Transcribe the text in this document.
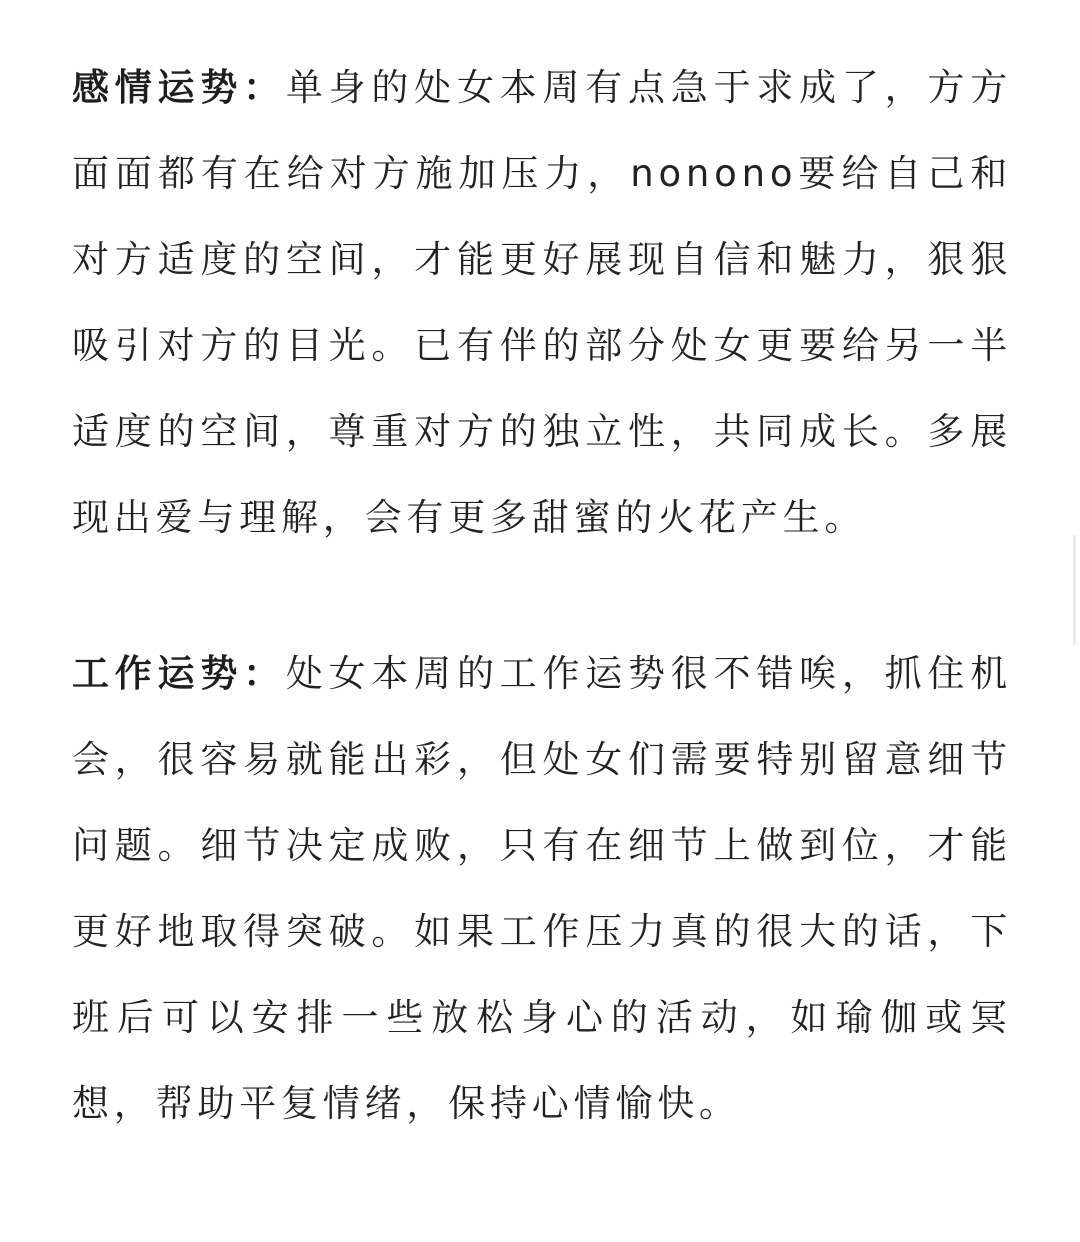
感情运势：单身的处女本周有点急于求成了，方方面面都有在给对方施加压力，nonono要给自己和对方适度的空间，才能更好展现自信和魅力，狠狠吸引对方的目光。已有伴的部分处女更要给另一半适度的空间，尊重对方的独立性，共同成长。多展现出爱与理解，会有更多甜蜜的火花产生。

工作运势：处女本周的工作运势很不错唉，抓住机会，很容易就能出彩，但处女们需要特别留意细节问题。细节决定成败，只有在细节上做到位，才能更好地取得突破。如果工作压力真的很大的话，下班后可以安排一些放松身心的活动，如瑜伽或冥想，帮助平复情绪，保持心情愉快。
